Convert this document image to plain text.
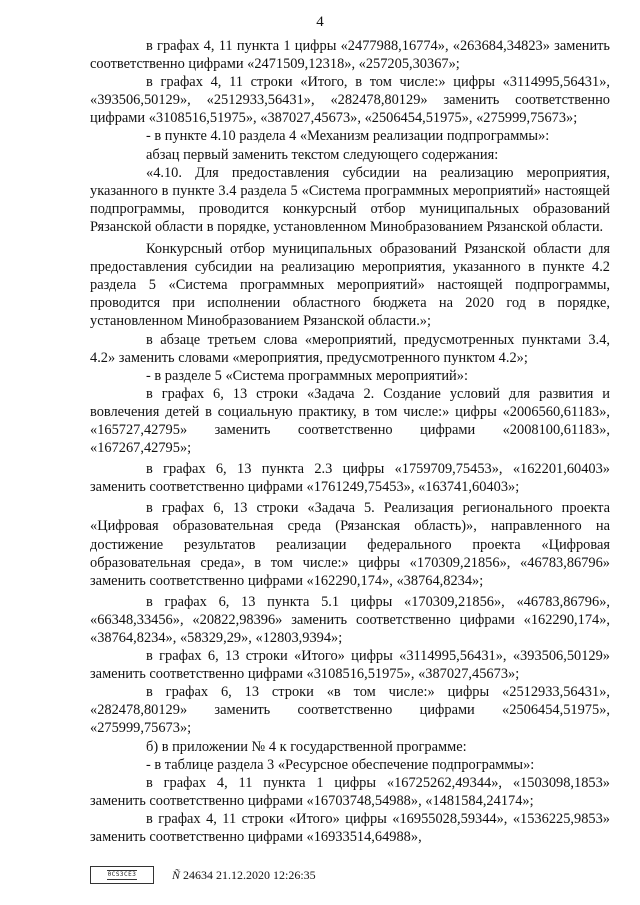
4

в графах 4, 11 пункта 1 цифры «2477988,16774», «263684,34823» заменить соответственно цифрами «2471509,12318», «257205,30367»;

в графах 4, 11 строки «Итого, в том числе:» цифры «3114995,56431», «393506,50129», «2512933,56431», «282478,80129» заменить соответственно цифрами «3108516,51975», «387027,45673», «2506454,51975», «275999,75673»;

- в пункте 4.10 раздела 4 «Механизм реализации подпрограммы»:

абзац первый заменить текстом следующего содержания:

«4.10. Для предоставления субсидии на реализацию мероприятия, указанного в пункте 3.4 раздела 5 «Система программных мероприятий» настоящей подпрограммы, проводится конкурсный отбор муниципальных образований Рязанской области в порядке, установленном Минобразованием Рязанской области.

Конкурсный отбор муниципальных образований Рязанской области для предоставления субсидии на реализацию мероприятия, указанного в пункте 4.2 раздела 5 «Система программных мероприятий» настоящей подпрограммы, проводится при исполнении областного бюджета на 2020 год в порядке, установленном Минобразованием Рязанской области.»;

в абзаце третьем слова «мероприятий, предусмотренных пунктами 3.4, 4.2» заменить словами «мероприятия, предусмотренного пунктом 4.2»;

- в разделе 5 «Система программных мероприятий»:

в графах 6, 13 строки «Задача 2. Создание условий для развития и вовлечения детей в социальную практику, в том числе:» цифры «2006560,61183», «165727,42795» заменить соответственно цифрами «2008100,61183», «167267,42795»;

в графах 6, 13 пункта 2.3 цифры «1759709,75453», «162201,60403» заменить соответственно цифрами «1761249,75453», «163741,60403»;

в графах 6, 13 строки «Задача 5. Реализация регионального проекта «Цифровая образовательная среда (Рязанская область)», направленного на достижение результатов реализации федерального проекта «Цифровая образовательная среда», в том числе:» цифры «170309,21856», «46783,86796» заменить соответственно цифрами «162290,174», «38764,8234»;

в графах 6, 13 пункта 5.1 цифры «170309,21856», «46783,86796», «66348,33456», «20822,98396» заменить соответственно цифрами «162290,174», «38764,8234», «58329,29», «12803,9394»;

в графах 6, 13 строки «Итого» цифры «3114995,56431», «393506,50129» заменить соответственно цифрами «3108516,51975», «387027,45673»;

в графах 6, 13 строки «в том числе:» цифры «2512933,56431», «282478,80129» заменить соответственно цифрами «2506454,51975», «275999,75673»;

б) в приложении № 4 к государственной программе:

- в таблице раздела 3 «Ресурсное обеспечение подпрограммы»:

в графах 4, 11 пункта 1 цифры «16725262,49344», «1503098,1853» заменить соответственно цифрами «16703748,54988», «1481584,24174»;

в графах 4, 11 строки «Итого» цифры «16955028,59344», «1536225,9853» заменить соответственно цифрами «16933514,64988»,

0CS3CE3	Ñ 24634 21.12.2020 12:26:35
